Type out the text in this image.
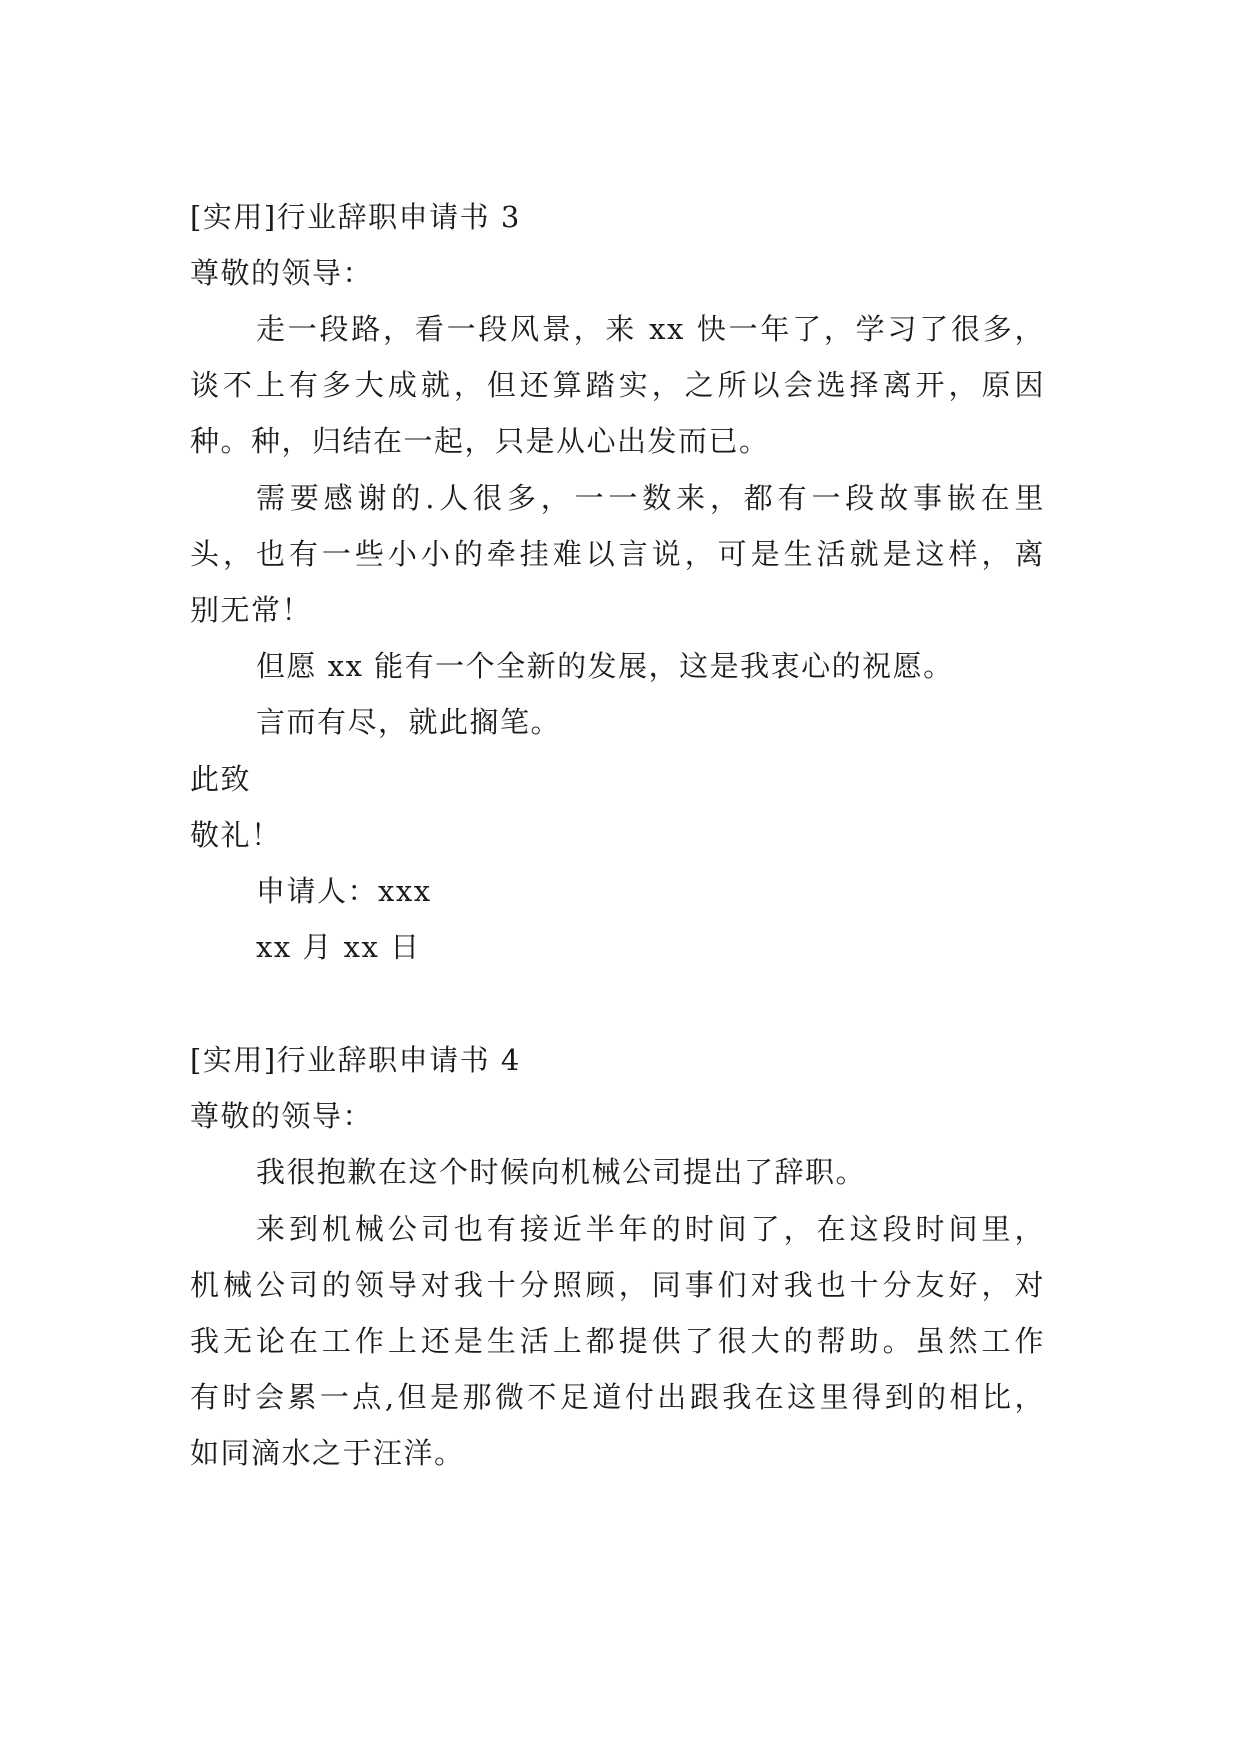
[实用]行业辞职申请书 3
尊敬的领导：
走一段路，看一段风景，来 xx 快一年了，学习了很多，
谈不上有多大成就，但还算踏实，之所以会选择离开，原因
种。种，归结在一起，只是从心出发而已。
需要感谢的.人很多，一一数来，都有一段故事嵌在里
头，也有一些小小的牵挂难以言说，可是生活就是这样，离
别无常！
但愿 xx 能有一个全新的发展，这是我衷心的祝愿。
言而有尽，就此搁笔。
此致
敬礼！
申请人：xxx
xx 月 xx 日
[实用]行业辞职申请书 4
尊敬的领导：
我很抱歉在这个时候向机械公司提出了辞职。
来到机械公司也有接近半年的时间了，在这段时间里，
机械公司的领导对我十分照顾，同事们对我也十分友好，对
我无论在工作上还是生活上都提供了很大的帮助。虽然工作
有时会累一点,但是那微不足道付出跟我在这里得到的相比，
如同滴水之于汪洋。
